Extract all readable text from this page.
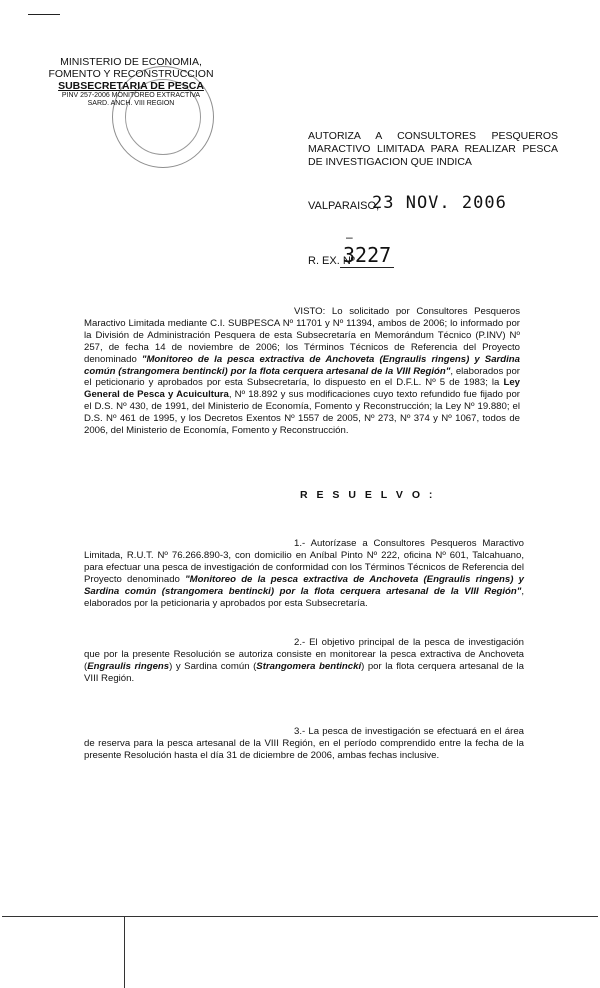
MINISTERIO DE ECONOMIA,
FOMENTO Y RECONSTRUCCION
SUBSECRETARIA DE PESCA
PINV 257-2006 MONITOREO EXTRACTIVA
SARD. ANCH. VIII REGION
AUTORIZA A CONSULTORES PESQUEROS MARACTIVO LIMITADA PARA REALIZAR PESCA DE INVESTIGACION QUE INDICA
VALPARAISO,
23 NOV. 2006
–
R. EX. Nº
3227

VISTO: Lo solicitado por Consultores Pesqueros Maractivo Limitada mediante C.I. SUBPESCA Nº 11701 y Nº 11394, ambos de 2006; lo informado por la División de Administración Pesquera de esta Subsecretaría en Memorándum Técnico (P.INV) Nº 257, de fecha 14 de noviembre de 2006; los Términos Técnicos de Referencia del Proyecto denominado "Monitoreo de la pesca extractiva de Anchoveta (Engraulis ringens) y Sardina común (strangomera bentincki) por la flota cerquera artesanal de la VIII Región", elaborados por el peticionario y aprobados por esta Subsecretaría, lo dispuesto en el D.F.L. Nº 5 de 1983; la Ley General de Pesca y Acuicultura, Nº 18.892 y sus modificaciones cuyo texto refundido fue fijado por el D.S. Nº 430, de 1991, del Ministerio de Economía, Fomento y Reconstrucción; la Ley Nº 19.880; el D.S. Nº 461 de 1995, y los Decretos Exentos Nº 1557 de 2005, Nº 273, Nº 374 y Nº 1067, todos de 2006, del Ministerio de Economía, Fomento y Reconstrucción.

R E S U E L V O :

1.- Autorízase a Consultores Pesqueros Maractivo Limitada, R.U.T. Nº 76.266.890-3, con domicilio en Aníbal Pinto Nº 222, oficina Nº 601, Talcahuano, para efectuar una pesca de investigación de conformidad con los Términos Técnicos de Referencia del Proyecto denominado "Monitoreo de la pesca extractiva de Anchoveta (Engraulis ringens) y Sardina común (strangomera bentincki) por la flota cerquera artesanal de la VIII Región", elaborados por la peticionaria y aprobados por esta Subsecretaría.

2.- El objetivo principal de la pesca de investigación que por la presente Resolución se autoriza consiste en monitorear la pesca extractiva de Anchoveta (Engraulis ringens) y Sardina común (Strangomera bentincki) por la flota cerquera artesanal de la VIII Región.

3.- La pesca de investigación se efectuará en el área de reserva para la pesca artesanal de la VIII Región, en el período comprendido entre la fecha de la presente Resolución hasta el día 31 de diciembre de 2006, ambas fechas inclusive.
